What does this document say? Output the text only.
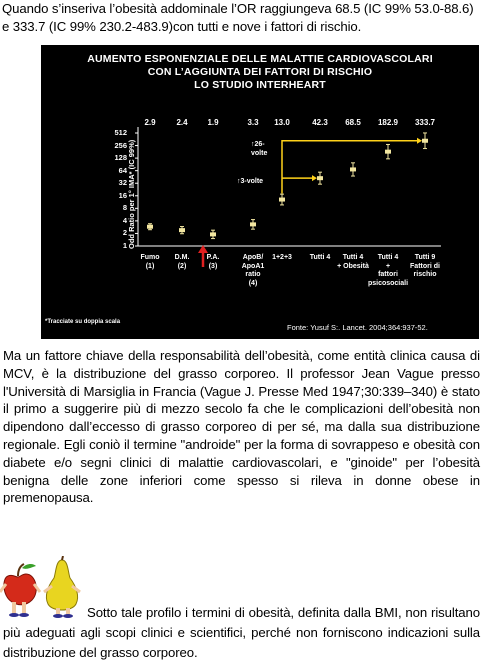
Quando s’inseriva l’obesità addominale l’OR raggiungeva 68.5 (IC 99% 53.0-88.6) e 333.7 (IC 99% 230.2-483.9)con tutti e nove i fattori di rischio.
AUMENTO ESPONENZIALE DELLE MALATTIE CARDIOVASCOLARI
CON L’AGGIUNTA DEI FATTORI DI RISCHIO
LO STUDIO INTERHEART
Odd Ratio per 1° IMA* (IC 99%)
1
2
4
8
16
32
64
128
256
512
2.9	2.4 1.9	3.3 13.0	42.3 68.5 182.9 333.7
Fumo
(1)
D.M.
(2)
P.A.
(3)
ApoB/
ApoA1
ratio
(4)
1+2+3	Tutti 4	Tutti 4
+ Obesità
Tutti 4
+
fattori
psicosociali
Tutti 9
Fattori di
rischio
↑26-
volte
↑3-volte
*Tracciate su doppia scala
Fonte: Yusuf S:. Lancet. 2004;364:937-52.
Ma un fattore chiave della responsabilità dell’obesità, come entità clinica causa di MCV, è la distribuzione del grasso corporeo. Il professor Jean Vague presso l'Università di Marsiglia in Francia (Vague J. Presse Med 1947;30:339–340) è stato il primo a suggerire più di mezzo secolo fa che le complicazioni dell’obesità non dipendono dall’eccesso di grasso corporeo di per sé, ma dalla sua distribuzione regionale. Egli coniò il termine "androide" per la forma di sovrappeso e obesità con diabete e/o segni clinici di malattie cardiovascolari, e "ginoide" per l’obesità benigna delle zone inferiori come spesso si rileva in donne obese in premenopausa.
Sotto tale profilo i termini di obesità, definita dalla BMI, non risultano più adeguati agli scopi clinici e scientifici, perché non forniscono indicazioni sulla distribuzione del grasso corporeo.
